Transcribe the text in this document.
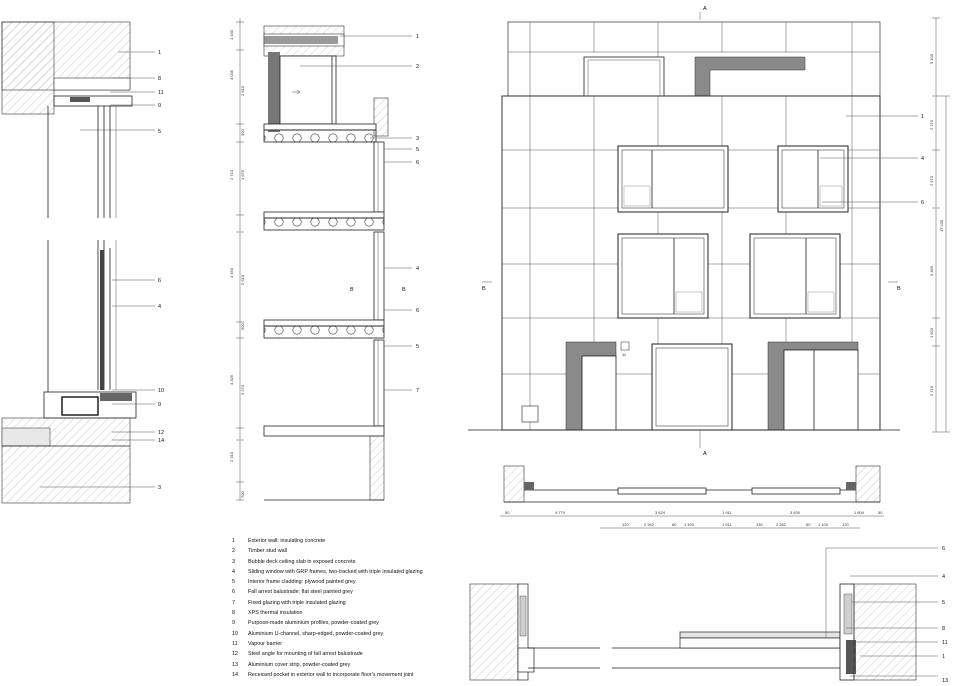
1
8
11
9
5
6
4
10
9
12
14
3
1 340
4 035
2 610
2 710
300
1 975
4 450
900
3 270
4 325
2 610
2 310
700
B	B
1
2
3
5
6
4
6
5
7
A
11
A
B	B
1
4
6
5 100
2 270
2 670
17 230
3 465
1 820
2 710
50	4 770	3 624	1 911	3 630	1 604	50
120	2 262	80 1 100	1 911	130	2 262	80 1 100	120
6
4
5
8
11
1
13
1	Exterior wall: insulating concrete
2	Timber stud wall
3	Bubble deck ceiling slab in exposed concrete
4	Sliding window with GRP frames, two-tracked with triple insulated glazing
5	Interior frame cladding: plywood painted grey
6	Fall arrest balustrade: flat steel painted grey
7	Fixed glazing with triple insulated glazing
8	XPS thermal insulation
9	Purpose-made aluminium profiles, powder-coated grey
10	Aluminium U-channel, sharp-edged, powder-coated grey
11	Vapour barrier
12	Steel angle for mounting of fall arrest balustrade
13	Aluminium cover strip, powder-coated grey
14	Recessed pocket in exterior wall to incorporate floor's movement joint
